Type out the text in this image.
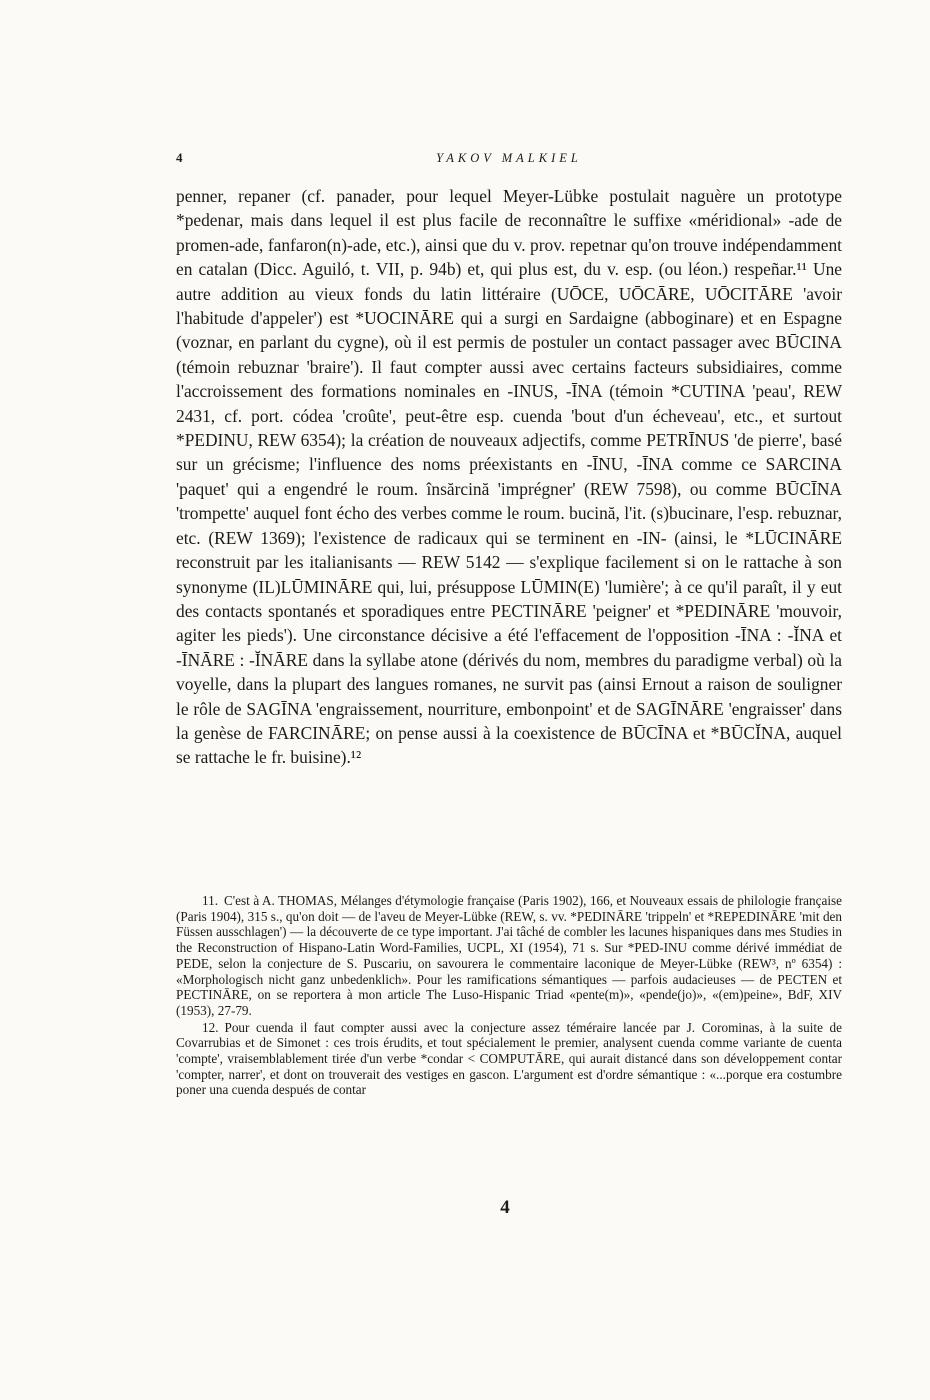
4	YAKOV MALKIEL

penner, repaner (cf. panader, pour lequel Meyer-Lübke postulait naguère un prototype *pedenar, mais dans lequel il est plus facile de reconnaître le suffixe «méridional» -ade de promen-ade, fanfaron(n)-ade, etc.), ainsi que du v. prov. repetnar qu'on trouve indépendamment en catalan (Dicc. Aguiló, t. VII, p. 94b) et, qui plus est, du v. esp. (ou léon.) respeñar.¹¹ Une autre addition au vieux fonds du latin littéraire (UŌCE, UŌCĀRE, UŌCITĀRE 'avoir l'habitude d'appeler') est *UOCINĀRE qui a surgi en Sardaigne (abboginare) et en Espagne (voznar, en parlant du cygne), où il est permis de postuler un contact passager avec BŪCINA (témoin rebuznar 'braire'). Il faut compter aussi avec certains facteurs subsidiaires, comme l'accroissement des formations nominales en -INUS, -ĪNA (témoin *CUTINA 'peau', REW 2431, cf. port. códea 'croûte', peut-être esp. cuenda 'bout d'un écheveau', etc., et surtout *PEDINU, REW 6354); la création de nouveaux adjectifs, comme PETRĪNUS 'de pierre', basé sur un grécisme; l'influence des noms préexistants en -ĪNU, -ĪNA comme ce SARCINA 'paquet' qui a engendré le roum. însărcină 'imprégner' (REW 7598), ou comme BŪCĪNA 'trompette' auquel font écho des verbes comme le roum. bucină, l'it. (s)bucinare, l'esp. rebuznar, etc. (REW 1369); l'existence de radicaux qui se terminent en -IN- (ainsi, le *LŪCINĀRE reconstruit par les italianisants — REW 5142 — s'explique facilement si on le rattache à son synonyme (IL)LŪMINĀRE qui, lui, présuppose LŪMIN(E) 'lumière'; à ce qu'il paraît, il y eut des contacts spontanés et sporadiques entre PECTINĀRE 'peigner' et *PEDINĀRE 'mouvoir, agiter les pieds'). Une circonstance décisive a été l'effacement de l'opposition -ĪNA : -ĬNA et -ĪNĀRE : -ĬNĀRE dans la syllabe atone (dérivés du nom, membres du paradigme verbal) où la voyelle, dans la plupart des langues romanes, ne survit pas (ainsi Ernout a raison de souligner le rôle de SAGĪNA 'engraissement, nourriture, embonpoint' et de SAGĪNĀRE 'engraisser' dans la genèse de FARCINĀRE; on pense aussi à la coexistence de BŪCĪNA et *BŪCĬNA, auquel se rattache le fr. buisine).¹²

11. C'est à A. THOMAS, Mélanges d'étymologie française (Paris 1902), 166, et Nouveaux essais de philologie française (Paris 1904), 315 s., qu'on doit — de l'aveu de Meyer-Lübke (REW, s. vv. *PEDINĀRE 'trippeln' et *REPEDINĀRE 'mit den Füssen ausschlagen') — la découverte de ce type important. J'ai tâché de combler les lacunes hispaniques dans mes Studies in the Reconstruction of Hispano-Latin Word-Families, UCPL, XI (1954), 71 s. Sur *PED-INU comme dérivé immédiat de PEDE, selon la conjecture de S. Puscariu, on savourera le commentaire laconique de Meyer-Lübke (REW³, nº 6354) : «Morphologisch nicht ganz unbedenklich». Pour les ramifications sémantiques — parfois audacieuses — de PECTEN et PECTINĀRE, on se reportera à mon article The Luso-Hispanic Triad «pente(m)», «pende(jo)», «(em)peine», BdF, XIV (1953), 27-79.

12. Pour cuenda il faut compter aussi avec la conjecture assez téméraire lancée par J. Corominas, à la suite de Covarrubias et de Simonet : ces trois érudits, et tout spécialement le premier, analysent cuenda comme variante de cuenta 'compte', vraisemblablement tirée d'un verbe *condar < COMPUTĀRE, qui aurait distancé dans son développement contar 'compter, narrer', et dont on trouverait des vestiges en gascon. L'argument est d'ordre sémantique : «...porque era costumbre poner una cuenda después de contar

4
